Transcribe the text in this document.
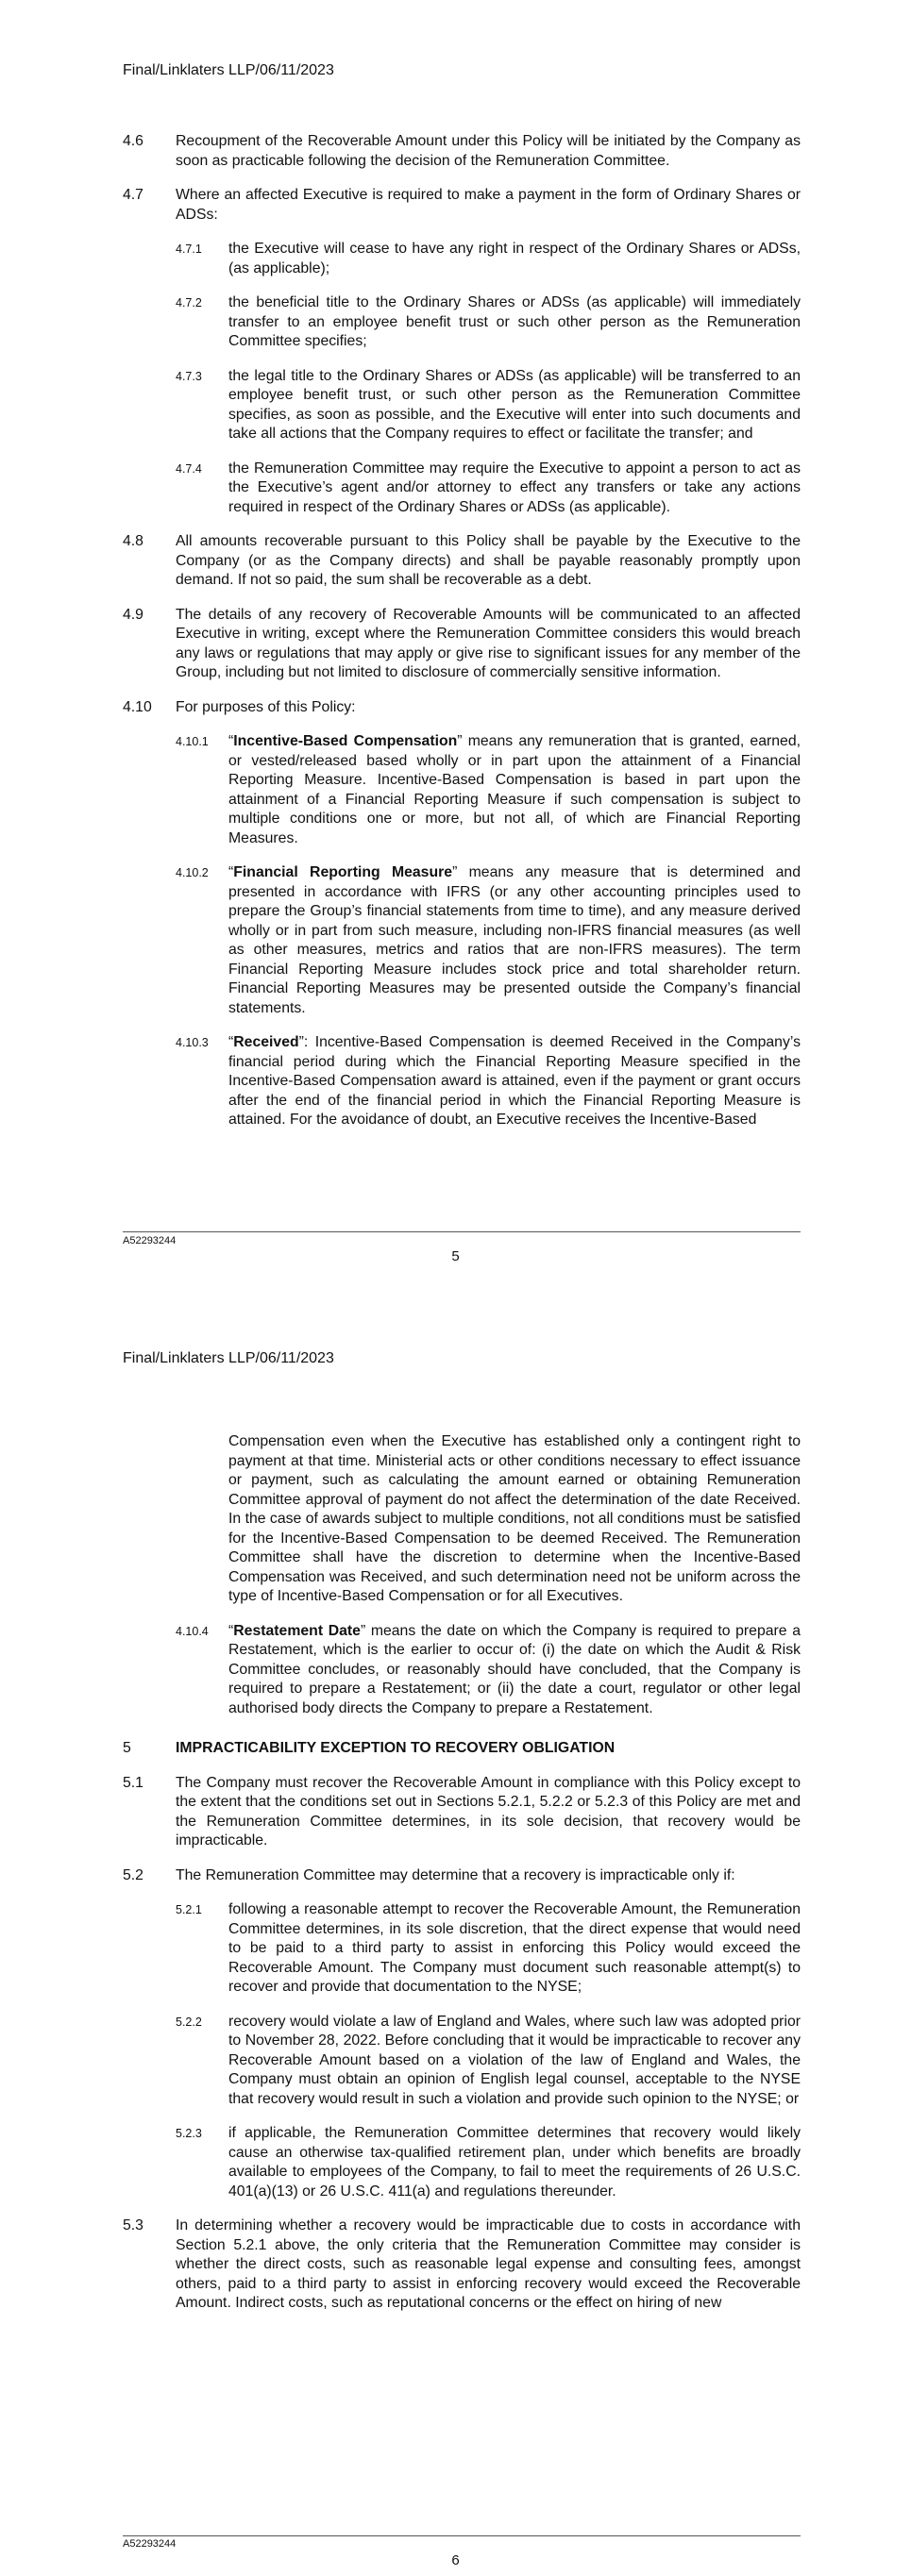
Final/Linklaters LLP/06/11/2023
4.6	Recoupment of the Recoverable Amount under this Policy will be initiated by the Company as soon as practicable following the decision of the Remuneration Committee.
4.7	Where an affected Executive is required to make a payment in the form of Ordinary Shares or ADSs:
4.7.1	the Executive will cease to have any right in respect of the Ordinary Shares or ADSs, (as applicable);
4.7.2	the beneficial title to the Ordinary Shares or ADSs (as applicable) will immediately transfer to an employee benefit trust or such other person as the Remuneration Committee specifies;
4.7.3	the legal title to the Ordinary Shares or ADSs (as applicable) will be transferred to an employee benefit trust, or such other person as the Remuneration Committee specifies, as soon as possible, and the Executive will enter into such documents and take all actions that the Company requires to effect or facilitate the transfer; and
4.7.4	the Remuneration Committee may require the Executive to appoint a person to act as the Executive’s agent and/or attorney to effect any transfers or take any actions required in respect of the Ordinary Shares or ADSs (as applicable).
4.8	All amounts recoverable pursuant to this Policy shall be payable by the Executive to the Company (or as the Company directs) and shall be payable reasonably promptly upon demand. If not so paid, the sum shall be recoverable as a debt.
4.9	The details of any recovery of Recoverable Amounts will be communicated to an affected Executive in writing, except where the Remuneration Committee considers this would breach any laws or regulations that may apply or give rise to significant issues for any member of the Group, including but not limited to disclosure of commercially sensitive information.
4.10	For purposes of this Policy:
4.10.1	“Incentive-Based Compensation” means any remuneration that is granted, earned, or vested/released based wholly or in part upon the attainment of a Financial Reporting Measure. Incentive-Based Compensation is based in part upon the attainment of a Financial Reporting Measure if such compensation is subject to multiple conditions one or more, but not all, of which are Financial Reporting Measures.
4.10.2	“Financial Reporting Measure” means any measure that is determined and presented in accordance with IFRS (or any other accounting principles used to prepare the Group’s financial statements from time to time), and any measure derived wholly or in part from such measure, including non-IFRS financial measures (as well as other measures, metrics and ratios that are non-IFRS measures). The term Financial Reporting Measure includes stock price and total shareholder return. Financial Reporting Measures may be presented outside the Company’s financial statements.
4.10.3	“Received”: Incentive-Based Compensation is deemed Received in the Company’s financial period during which the Financial Reporting Measure specified in the Incentive-Based Compensation award is attained, even if the payment or grant occurs after the end of the financial period in which the Financial Reporting Measure is attained. For the avoidance of doubt, an Executive receives the Incentive-Based
A52293244
5
Final/Linklaters LLP/06/11/2023
Compensation even when the Executive has established only a contingent right to payment at that time. Ministerial acts or other conditions necessary to effect issuance or payment, such as calculating the amount earned or obtaining Remuneration Committee approval of payment do not affect the determination of the date Received. In the case of awards subject to multiple conditions, not all conditions must be satisfied for the Incentive-Based Compensation to be deemed Received. The Remuneration Committee shall have the discretion to determine when the Incentive-Based Compensation was Received, and such determination need not be uniform across the type of Incentive-Based Compensation or for all Executives.
4.10.4	“Restatement Date” means the date on which the Company is required to prepare a Restatement, which is the earlier to occur of: (i) the date on which the Audit & Risk Committee concludes, or reasonably should have concluded, that the Company is required to prepare a Restatement; or (ii) the date a court, regulator or other legal authorised body directs the Company to prepare a Restatement.
5	IMPRACTICABILITY EXCEPTION TO RECOVERY OBLIGATION
5.1	The Company must recover the Recoverable Amount in compliance with this Policy except to the extent that the conditions set out in Sections 5.2.1, 5.2.2 or 5.2.3 of this Policy are met and the Remuneration Committee determines, in its sole decision, that recovery would be impracticable.
5.2	The Remuneration Committee may determine that a recovery is impracticable only if:
5.2.1	following a reasonable attempt to recover the Recoverable Amount, the Remuneration Committee determines, in its sole discretion, that the direct expense that would need to be paid to a third party to assist in enforcing this Policy would exceed the Recoverable Amount. The Company must document such reasonable attempt(s) to recover and provide that documentation to the NYSE;
5.2.2	recovery would violate a law of England and Wales, where such law was adopted prior to November 28, 2022. Before concluding that it would be impracticable to recover any Recoverable Amount based on a violation of the law of England and Wales, the Company must obtain an opinion of English legal counsel, acceptable to the NYSE that recovery would result in such a violation and provide such opinion to the NYSE; or
5.2.3	if applicable, the Remuneration Committee determines that recovery would likely cause an otherwise tax-qualified retirement plan, under which benefits are broadly available to employees of the Company, to fail to meet the requirements of 26 U.S.C. 401(a)(13) or 26 U.S.C. 411(a) and regulations thereunder.
5.3	In determining whether a recovery would be impracticable due to costs in accordance with Section 5.2.1 above, the only criteria that the Remuneration Committee may consider is whether the direct costs, such as reasonable legal expense and consulting fees, amongst others, paid to a third party to assist in enforcing recovery would exceed the Recoverable Amount. Indirect costs, such as reputational concerns or the effect on hiring of new
A52293244
6
